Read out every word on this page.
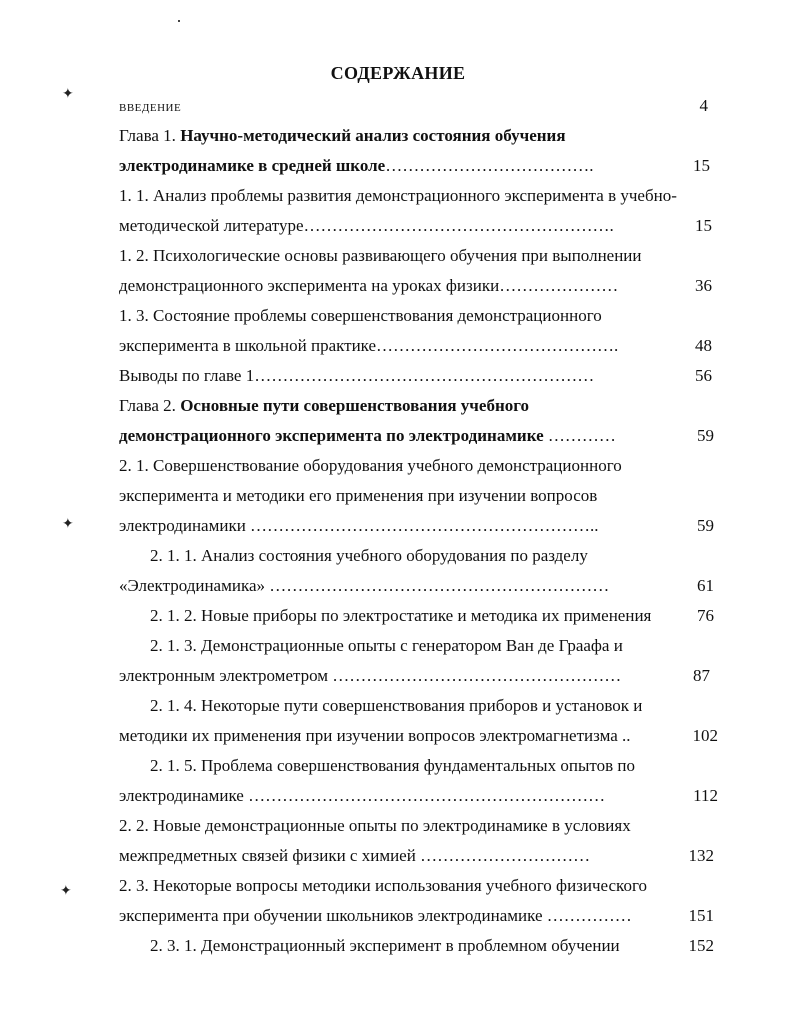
✦
✦
✦
СОДЕРЖАНИЕ
ВВЕДЕНИЕ	4
Глава 1. Научно-методический анализ состояния обучения
электродинамике в средней школе……………………………….	15
1. 1. Анализ проблемы развития демонстрационного эксперимента в учебно-
методической литературе……………………………………………….	15
1. 2. Психологические основы развивающего обучения при выполнении
демонстрационного эксперимента на уроках физики…………………	36
1. 3. Состояние проблемы совершенствования демонстрационного
эксперимента в школьной практике…………………………………….	48
Выводы по главе 1……………………………………………………	56
Глава 2. Основные пути совершенствования учебного
демонстрационного эксперимента по электродинамике …………	59
2. 1. Совершенствование оборудования учебного демонстрационного
эксперимента и методики его применения при изучении вопросов
электродинамики ……………………………………………………..	59
2. 1. 1. Анализ состояния учебного оборудования по разделу
«Электродинамика» ……………………………………………………	61
2. 1. 2. Новые приборы по электростатике и методика их применения	76
2. 1. 3. Демонстрационные опыты с генератором Ван де Граафа и
электронным электрометром ……………………………………………	87
2. 1. 4. Некоторые пути совершенствования приборов и установок и
методики их применения при изучении вопросов электромагнетизма ..	102
2. 1. 5. Проблема совершенствования фундаментальных опытов по
электродинамике ………………………………………………………	112
2. 2. Новые демонстрационные опыты по электродинамике в условиях
межпредметных связей физики с химией …………………………	132
2. 3. Некоторые вопросы методики использования учебного физического
эксперимента при обучении школьников электродинамике ……………	151
2. 3. 1. Демонстрационный эксперимент в проблемном обучении	152
